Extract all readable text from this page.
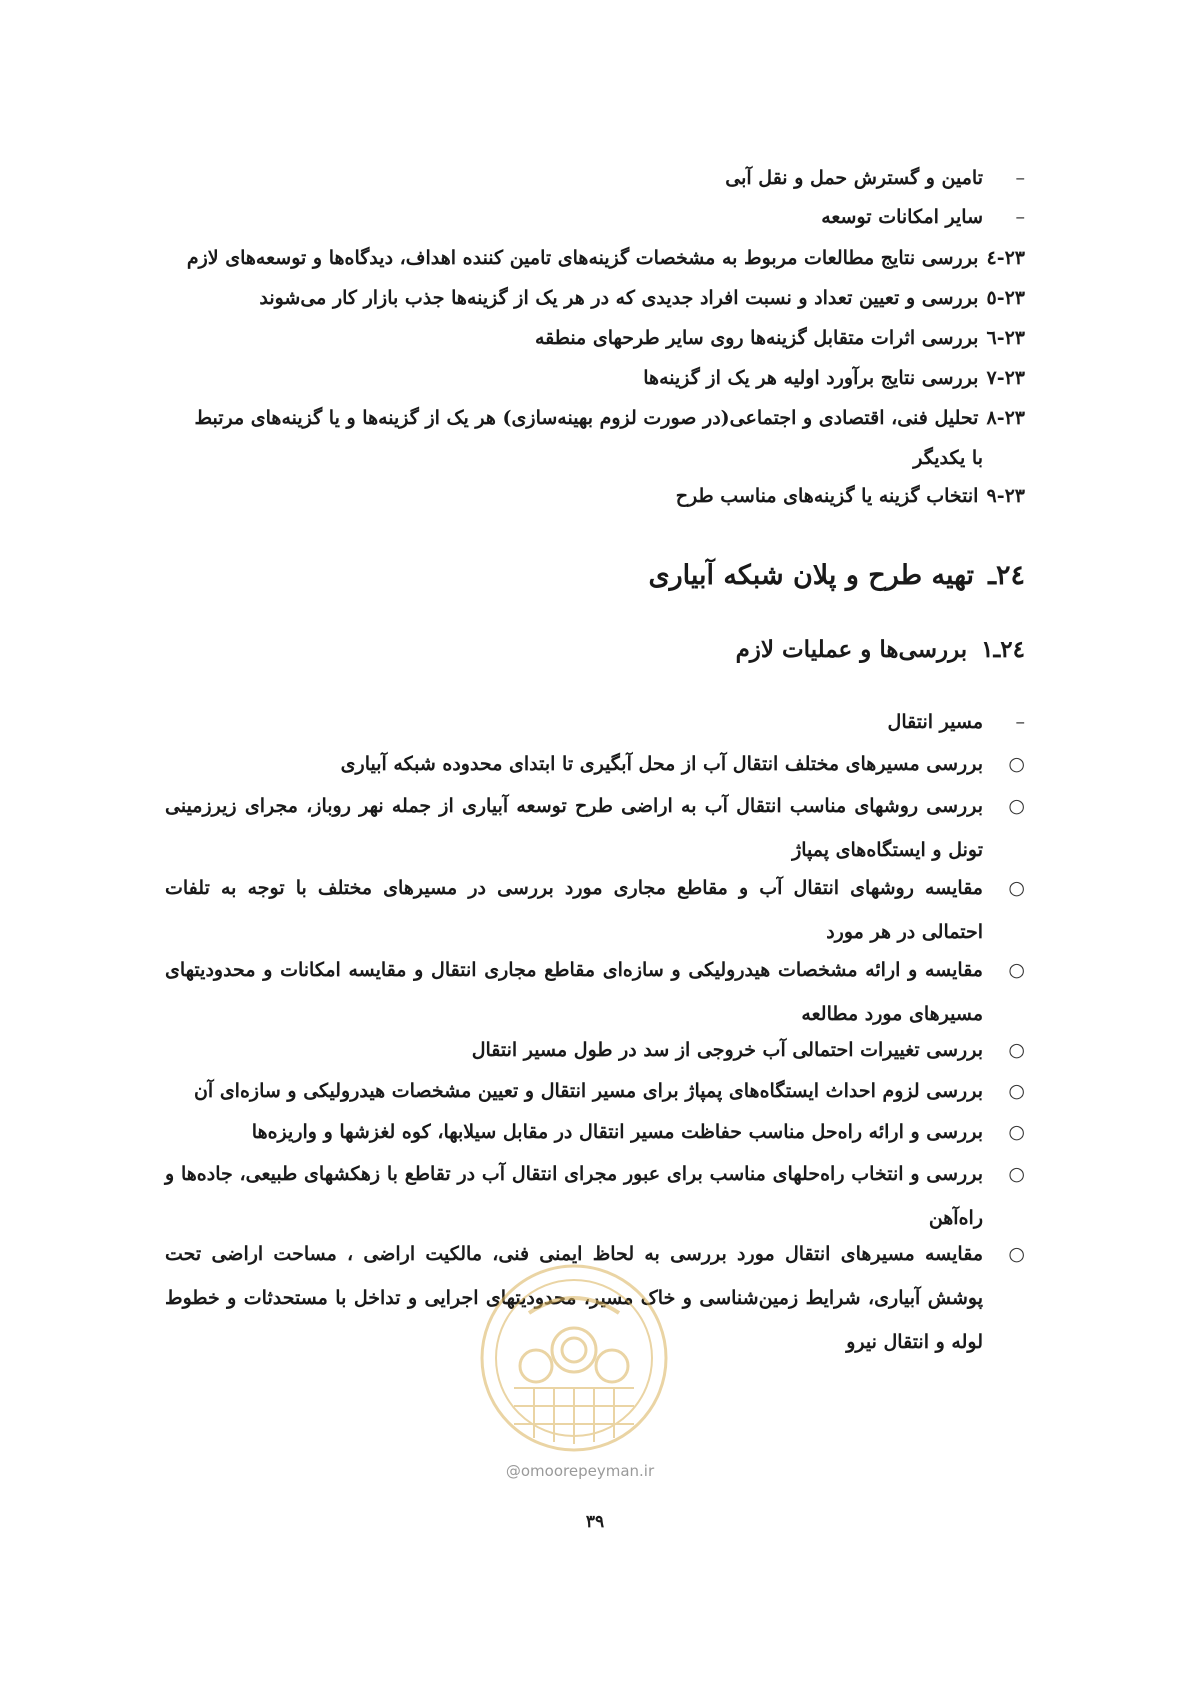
–تامین و گسترش حمل و نقل آبی
–سایر امکانات توسعه
٢٣-٤بررسی نتایج مطالعات مربوط به مشخصات گزینه‌های تامین کننده اهداف، دیدگاه‌ها و توسعه‌های لازم
٢٣-٥بررسی و تعیین تعداد و نسبت افراد جدیدی که در هر یک از گزینه‌ها جذب بازار کار می‌شوند
٢٣-٦بررسی اثرات متقابل گزینه‌ها روی سایر طرحهای منطقه
٢٣-٧بررسی نتایج برآورد اولیه هر یک از گزینه‌ها
٢٣-٨تحلیل فنی، اقتصادی و اجتماعی(در صورت لزوم بهینه‌سازی) هر یک از گزینه‌ها و یا گزینه‌های مرتبط
با یکدیگر
٢٣-٩انتخاب گزینه یا گزینه‌های مناسب طرح
٢٤ـتهیه طرح و پلان شبکه آبیاری
٢٤ـ١بررسی‌ها و عملیات لازم
–مسیر انتقال
○بررسی مسیرهای مختلف انتقال آب از محل آبگیری تا ابتدای محدوده شبکه آبیاری
○
بررسی روشهای مناسب انتقال آب به اراضی طرح توسعه آبیاری از جمله نهر روباز، مجرای زیرزمینی تونل و ایستگاه‌های پمپاژ
○
مقایسه روشهای انتقال آب و مقاطع مجاری مورد بررسی در مسیرهای مختلف با توجه به تلفات احتمالی در هر مورد
○
مقایسه و ارائه مشخصات هیدرولیکی و سازه‌ای مقاطع مجاری انتقال و مقایسه امکانات و محدودیتهای مسیرهای مورد مطالعه
○بررسی تغییرات احتمالی آب خروجی از سد در طول مسیر انتقال
○بررسی لزوم احداث ایستگاه‌های پمپاژ برای مسیر انتقال و تعیین مشخصات هیدرولیکی و سازه‌ای آن
○بررسی و ارائه راه‌حل مناسب حفاظت مسیر انتقال در مقابل سیلابها، کوه لغزشها و واریزه‌ها
○
بررسی و انتخاب راه‌حلهای مناسب برای عبور مجرای انتقال آب در تقاطع با زهکشهای طبیعی، جاده‌ها و راه‌آهن
○
مقایسه مسیرهای انتقال مورد بررسی به لحاظ ایمنی فنی، مالکیت اراضی ، مساحت اراضی تحت پوشش آبیاری، شرایط زمین‌شناسی و خاک مسیر، محدودیتهای اجرایی و تداخل با مستحدثات و خطوط لوله و انتقال نیرو
@omoorepeyman.ir
٣٩
